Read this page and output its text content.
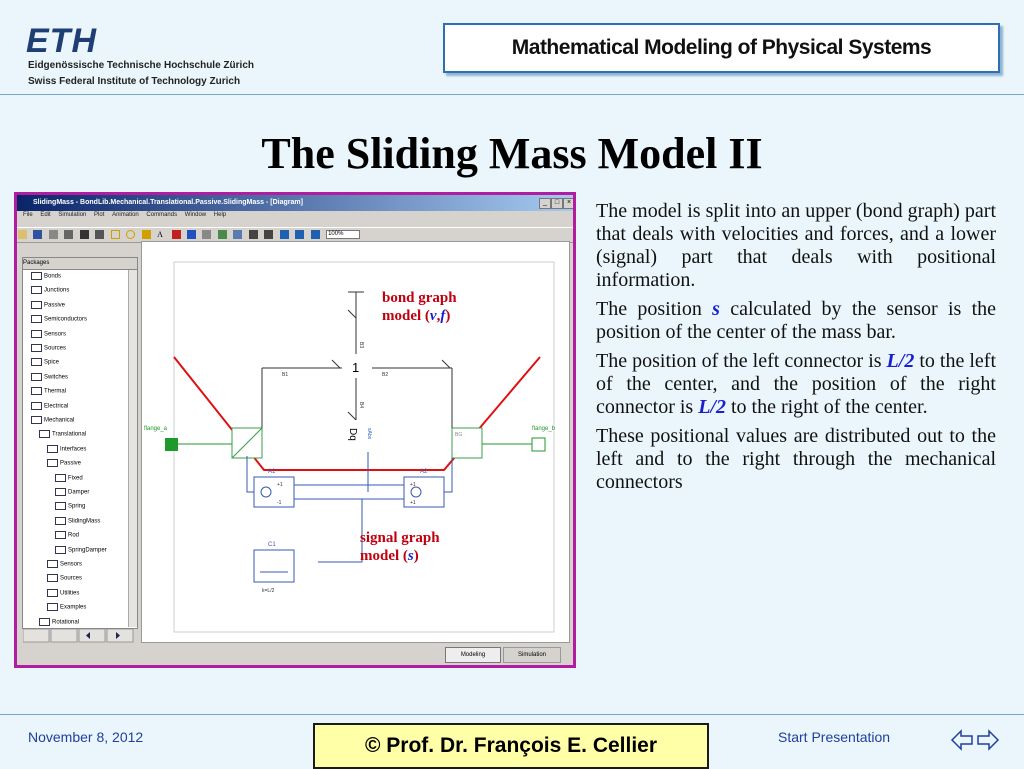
ETH
Eidgenössische Technische Hochschule Zürich
Swiss Federal Institute of Technology Zurich
Mathematical Modeling of Physical Systems
The Sliding Mass Model II
SlidingMass - BondLib.Mechanical.Translational.Passive.SlidingMass - [Diagram]	_	□	×
File Edit Simulation Plot Animation Commands Window Help
A	100%
Packages
Bonds
Junctions
Passive
Semiconductors
Sensors
Sources
Spice
Switches
Thermal
Electrical
Mechanical
Translational
Interfaces
Passive
Fixed
Damper
Spring
SlidingMass
Rod
SpringDamper
Sensors
Sources
Utilities
Examples
Rotational
flange_a	flange_b
BG
B1	B2
1
B3
B4
Dq sAbs
bond graph
model (v,f)
A1
+1
-1
A2
+1
+1
C1
k=L/2
signal graph
model (s)
Modeling	Simulation

The model is split into an upper (bond graph) part that deals with velocities and forces, and a lower (signal) part that deals with positional information.

The position s calculated by the sensor is the position of the center of the mass bar.

The position of the left connector is L/2 to the left of the center, and the position of the right connector is L/2 to the right of the center.

These positional values are distributed out to the left and to the right through the mechanical connectors

November 8, 2012	© Prof. Dr. François E. Cellier	Start Presentation
